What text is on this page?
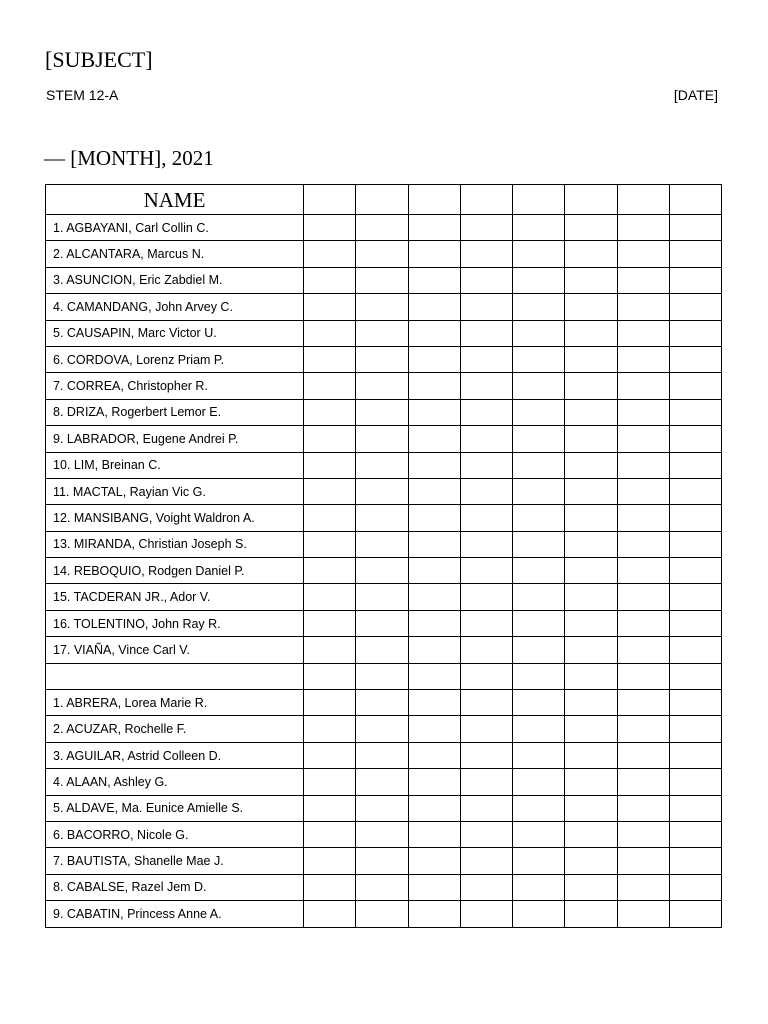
[SUBJECT]
STEM 12-A	[DATE]
— [MONTH], 2021
NAME								
1. AGBAYANI, Carl Collin C.								
2. ALCANTARA, Marcus N.								
3. ASUNCION, Eric Zabdiel M.								
4. CAMANDANG, John Arvey C.								
5. CAUSAPIN, Marc Victor U.								
6. CORDOVA, Lorenz Priam P.								
7. CORREA, Christopher R.								
8. DRIZA, Rogerbert Lemor E.								
9. LABRADOR, Eugene Andrei P.								
10. LIM, Breinan C.								
11. MACTAL, Rayian Vic G.								
12. MANSIBANG, Voight Waldron A.								
13. MIRANDA, Christian Joseph S.								
14. REBOQUIO, Rodgen Daniel P.								
15. TACDERAN JR., Ador V.								
16. TOLENTINO, John Ray R.								
17. VIAÑA, Vince Carl V.								

1. ABRERA, Lorea Marie R.								
2. ACUZAR, Rochelle F.								
3. AGUILAR, Astrid Colleen D.								
4. ALAAN, Ashley G.								
5. ALDAVE, Ma. Eunice Amielle S.								
6. BACORRO, Nicole G.								
7. BAUTISTA, Shanelle Mae J.								
8. CABALSE, Razel Jem D.								
9. CABATIN, Princess Anne A.								
